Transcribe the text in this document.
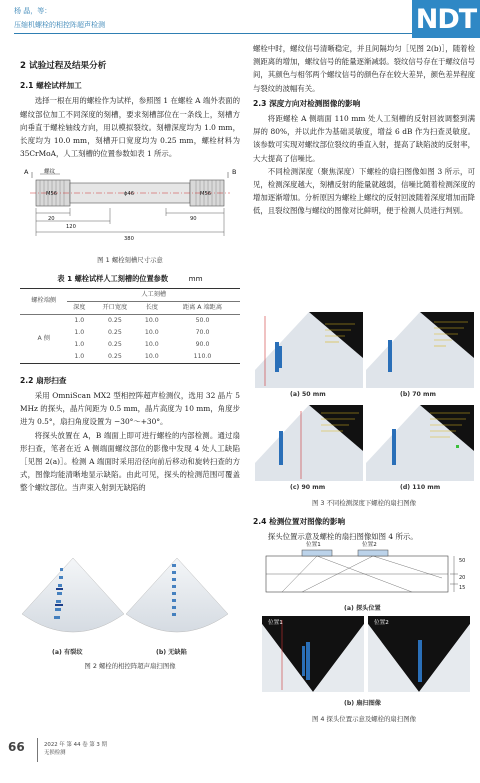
杨 晶，等：
压缩机螺栓的相控阵超声检测	NDT
2 试验过程及结果分析
2.1 螺栓试样加工

选择一根在用的螺栓作为试样，参照图 1 在螺栓 A 端外表面的螺纹部位加工不同深度的刻槽，要求刻槽部位在一条线上，刻槽方向垂直于螺栓轴线方向，用以模拟裂纹。刻槽深度均为 1.0 mm，长度均为 10.0 mm，刻槽开口宽度均为 0.25 mm，螺栓材料为 35CrMoA，人工刻槽的位置参数如表 1 所示。

A	B
螺纹
M56	ϕ46	M56
20	90
120
380
图 1 螺栓刻槽尺寸示意
表 1 螺栓试样人工刻槽的位置参数	mm
螺栓端侧	人工刻槽			
	深度	开口宽度	长度	距离 A 端距离
A 侧	1.0	0.25	10.0	50.0
	1.0	0.25	10.0	70.0
	1.0	0.25	10.0	90.0
	1.0	0.25	10.0	110.0
2.2 扇形扫查

采用 OmniScan MX2 型相控阵超声检测仪，选用 32 晶片 5 MHz 的探头，晶片间距为 0.5 mm，晶片高度为 10 mm，角度步进为 0.5°，扇扫角度设置为 −30°～+30°。

将探头放置在 A，B 端面上即可进行螺栓的内部检测。通过扇形扫查，笔者在近 A 侧端面螺纹部位的影像中发现 4 处人工缺陷［见图 2(a)］。检测 A 端面时采用沿径向前后移动和旋转扫查的方式，图像均能清晰地显示缺陷。由此可见，探头的检测范围可覆盖整个螺纹部位。当声束入射到无缺陷的

(a) 有裂纹	(b) 无缺陷
图 2 螺栓的相控阵超声扇扫图像

螺栓中时，螺纹信号清晰稳定，并且间隔均匀［见图 2(b)］，随着检测距离的增加，螺纹信号的能量逐渐减弱。裂纹信号存在于螺纹信号间，其颜色与相邻两个螺纹信号的颜色存在较大差异，颜色差异程度与裂纹的波幅有关。

2.3 深度方向对检测图像的影响

将距螺栓 A 侧端面 110 mm 处人工刻槽的反射回波调整到满屏的 80%，并以此作为基础灵敏度，增益 6 dB 作为扫查灵敏度。该参数可实现对螺纹部位裂纹的垂直入射，提高了缺陷波的反射率，大大提高了信噪比。

不同检测深度（聚焦深度）下螺栓的扇扫图像如图 3 所示，可见，检测深度越大，刻槽反射的能量就越弱，信噪比随着检测深度的增加逐渐增加。分析原因为螺栓上螺纹的反射回波随着深度增加而降低，且裂纹图像与螺纹的图像对比鲜明，便于检测人员进行判别。

(a) 50 mm	(b) 70 mm
(c) 90 mm	(d) 110 mm
图 3 不同检测深度下螺栓的扇扫图像
2.4 检测位置对图像的影响

探头位置示意及螺栓的扇扫图像如图 4 所示。

位置1	位置2
50
20
15
(a) 探头位置
位置1	位置2
(b) 扇扫图像
图 4 探头位置示意及螺栓的扇扫图像
66	2022 年 第 44 卷 第 3 期
无损检测
